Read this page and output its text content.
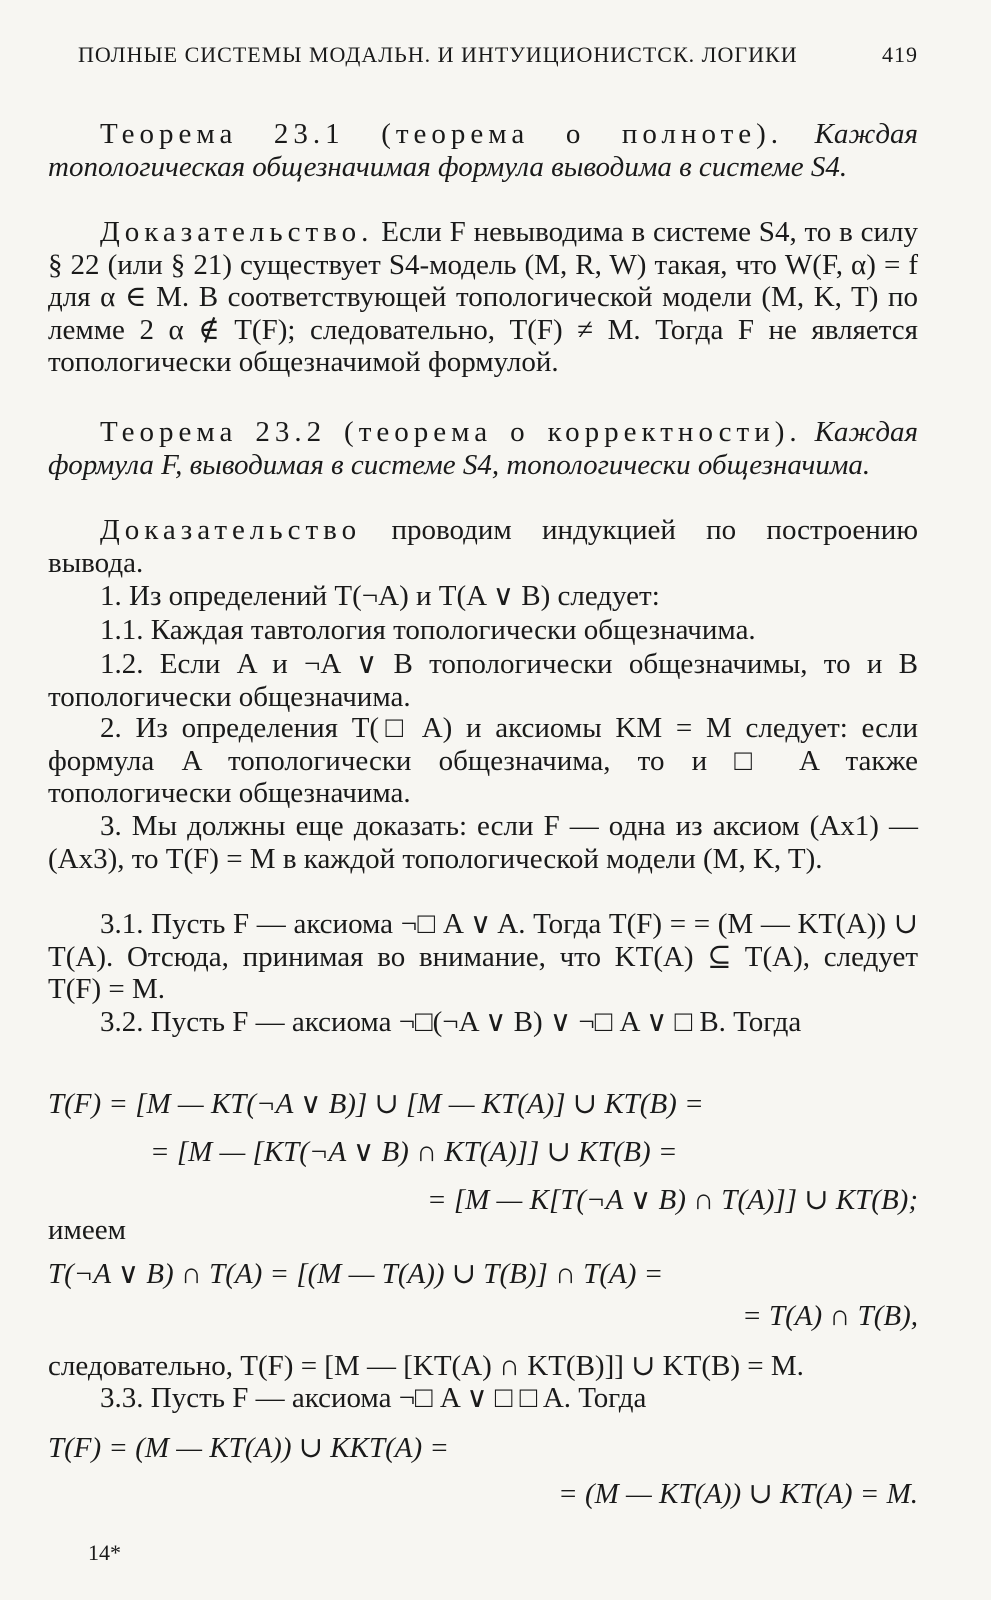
ПОЛНЫЕ СИСТЕМЫ МОДАЛЬН. И ИНТУИЦИОНИСТСК. ЛОГИКИ	419
Теорема 23.1 (теорема о полноте). Каждая топологическая общезначимая формула выводима в системе S4.
Доказательство. Если F невыводима в системе S4, то в силу § 22 (или § 21) существует S4-модель (M, R, W) такая, что W(F, α) = f для α ∈ M. В соответствующей топологической модели (M, K, T) по лемме 2 α ∉ T(F); следовательно, T(F) ≠ M. Тогда F не является топологически общезначимой формулой.
Теорема 23.2 (теорема о корректности). Каждая формула F, выводимая в системе S4, топологически общезначима.
Доказательство проводим индукцией по построению вывода.
1. Из определений T(¬A) и T(A ∨ B) следует:
1.1. Каждая тавтология топологически общезначима.
1.2. Если A и ¬A ∨ B топологически общезначимы, то и B топологически общезначима.
2. Из определения T(□ A) и аксиомы KM = M следует: если формула A топологически общезначима, то и □ A также топологически общезначима.
3. Мы должны еще доказать: если F — одна из аксиом (Ax1) — (Ax3), то T(F) = M в каждой топологической модели (M, K, T).
3.1. Пусть F — аксиома ¬□ A ∨ A. Тогда T(F) = = (M — KT(A)) ∪ T(A). Отсюда, принимая во внимание, что KT(A) ⊆ T(A), следует T(F) = M.
3.2. Пусть F — аксиома ¬□(¬A ∨ B) ∨ ¬□ A ∨ □ B. Тогда
T(F) = [M — KT(¬A ∨ B)] ∪ [M — KT(A)] ∪ KT(B) =
= [M — [KT(¬A ∨ B) ∩ KT(A)]] ∪ KT(B) =
= [M — K[T(¬A ∨ B) ∩ T(A)]] ∪ KT(B);
имеем
T(¬A ∨ B) ∩ T(A) = [(M — T(A)) ∪ T(B)] ∩ T(A) =
= T(A) ∩ T(B),
следовательно, T(F) = [M — [KT(A) ∩ KT(B)]] ∪ KT(B) = M.
3.3. Пусть F — аксиома ¬□ A ∨ □ □ A. Тогда
T(F) = (M — KT(A)) ∪ KKT(A) =
= (M — KT(A)) ∪ KT(A) = M.
14*
